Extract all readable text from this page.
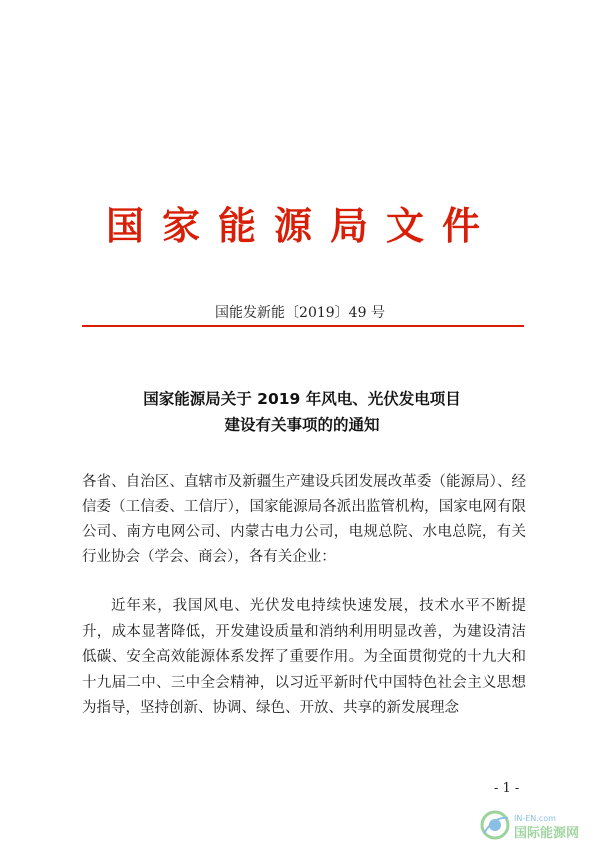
国家能源局文件
国能发新能〔2019〕49 号
国家能源局关于 2019 年风电、光伏发电项目
建设有关事项的的通知
各省、自治区、直辖市及新疆生产建设兵团发展改革委（能源局）、经信委（工信委、工信厅），国家能源局各派出监管机构，国家电网有限公司、南方电网公司、内蒙古电力公司，电规总院、水电总院，有关行业协会（学会、商会），各有关企业：
近年来，我国风电、光伏发电持续快速发展，技术水平不断提升，成本显著降低，开发建设质量和消纳利用明显改善，为建设清洁低碳、安全高效能源体系发挥了重要作用。为全面贯彻党的十九大和十九届二中、三中全会精神，以习近平新时代中国特色社会主义思想为指导，坚持创新、协调、绿色、开放、共享的新发展理念
- 1 -
IN-EN.com
国际能源网
